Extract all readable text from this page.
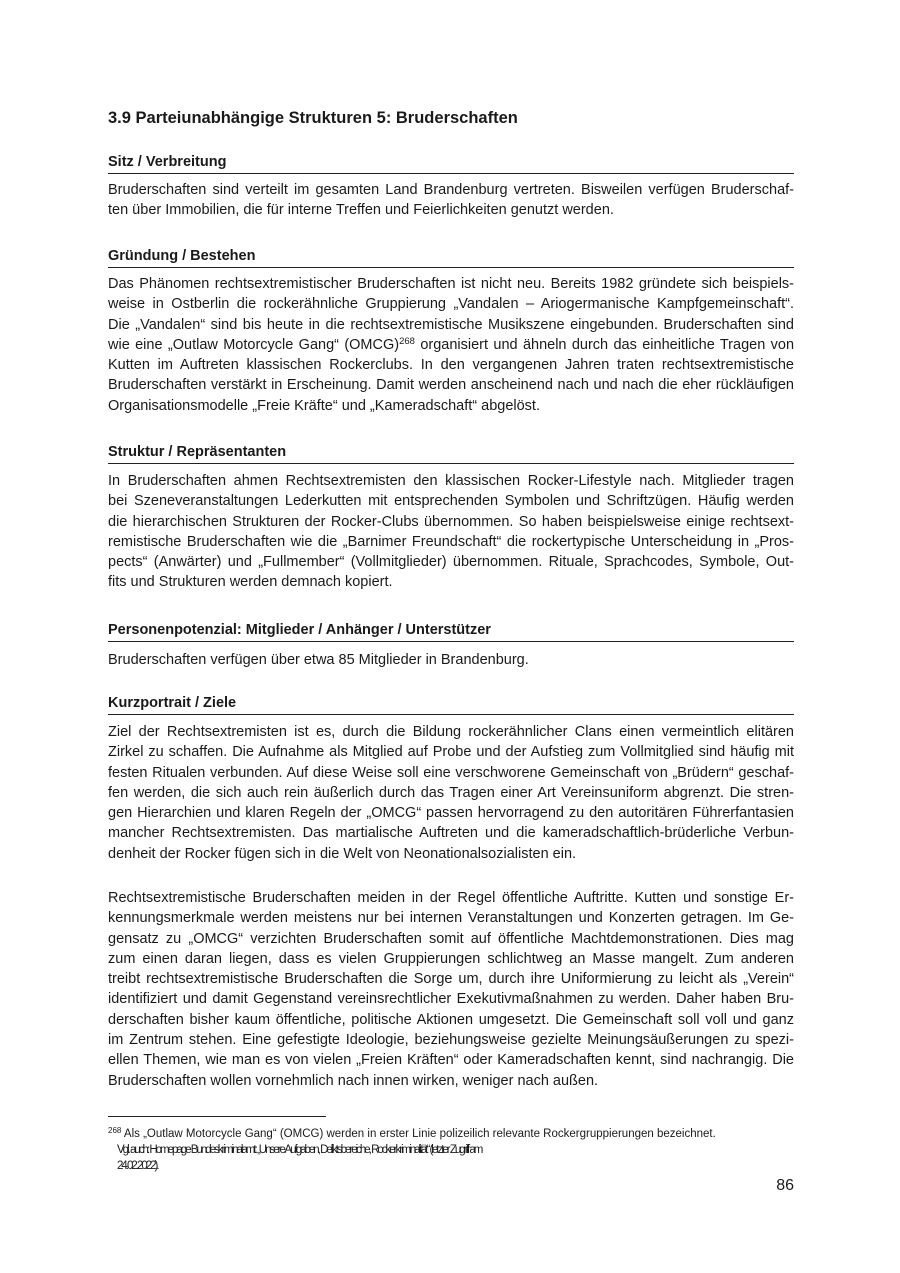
3.9 Parteiunabhängige Strukturen 5: Bruderschaften
Sitz / Verbreitung

Bruderschaften sind verteilt im gesamten Land Brandenburg vertreten. Bisweilen verfügen Bruderschaf-
ten über Immobilien, die für interne Treffen und Feierlichkeiten genutzt werden.

Gründung / Bestehen

Das Phänomen rechtsextremistischer Bruderschaften ist nicht neu. Bereits 1982 gründete sich beispiels-
weise in Ostberlin die rockerähnliche Gruppierung „Vandalen – Ariogermanische Kampfgemeinschaft“.
Die „Vandalen“ sind bis heute in die rechtsextremistische Musikszene eingebunden. Bruderschaften sind
wie eine „Outlaw Motorcycle Gang“ (OMCG)$^{268}$ organisiert und ähneln durch das einheitliche Tragen von
Kutten im Auftreten klassischen Rockerclubs. In den vergangenen Jahren traten rechtsextremistische
Bruderschaften verstärkt in Erscheinung. Damit werden anscheinend nach und nach die eher rückläufigen
Organisationsmodelle „Freie Kräfte“ und „Kameradschaft“ abgelöst.

Struktur / Repräsentanten

In Bruderschaften ahmen Rechtsextremisten den klassischen Rocker-Lifestyle nach. Mitglieder tragen
bei Szeneveranstaltungen Lederkutten mit entsprechenden Symbolen und Schriftzügen. Häufig werden
die hierarchischen Strukturen der Rocker-Clubs übernommen. So haben beispielsweise einige rechtsext-
remistische Bruderschaften wie die „Barnimer Freundschaft“ die rockertypische Unterscheidung in „Pros-
pects“ (Anwärter) und „Fullmember“ (Vollmitglieder) übernommen. Rituale, Sprachcodes, Symbole, Out-
fits und Strukturen werden demnach kopiert.

Personenpotenzial: Mitglieder / Anhänger / Unterstützer

Bruderschaften verfügen über etwa 85 Mitglieder in Brandenburg.

Kurzportrait / Ziele

Ziel der Rechtsextremisten ist es, durch die Bildung rockerähnlicher Clans einen vermeintlich elitären
Zirkel zu schaffen. Die Aufnahme als Mitglied auf Probe und der Aufstieg zum Vollmitglied sind häufig mit
festen Ritualen verbunden. Auf diese Weise soll eine verschworene Gemeinschaft von „Brüdern“ geschaf-
fen werden, die sich auch rein äußerlich durch das Tragen einer Art Vereinsuniform abgrenzt. Die stren-
gen Hierarchien und klaren Regeln der „OMCG“ passen hervorragend zu den autoritären Führerfantasien
mancher Rechtsextremisten. Das martialische Auftreten und die kameradschaftlich-brüderliche Verbun-
denheit der Rocker fügen sich in die Welt von Neonationalsozialisten ein.

Rechtsextremistische Bruderschaften meiden in der Regel öffentliche Auftritte. Kutten und sonstige Er-
kennungsmerkmale werden meistens nur bei internen Veranstaltungen und Konzerten getragen. Im Ge-
gensatz zu „OMCG“ verzichten Bruderschaften somit auf öffentliche Machtdemonstrationen. Dies mag
zum einen daran liegen, dass es vielen Gruppierungen schlichtweg an Masse mangelt. Zum anderen
treibt rechtsextremistische Bruderschaften die Sorge um, durch ihre Uniformierung zu leicht als „Verein“
identifiziert und damit Gegenstand vereinsrechtlicher Exekutivmaßnahmen zu werden. Daher haben Bru-
derschaften bisher kaum öffentliche, politische Aktionen umgesetzt. Die Gemeinschaft soll voll und ganz
im Zentrum stehen. Eine gefestigte Ideologie, beziehungsweise gezielte Meinungsäußerungen zu spezi-
ellen Themen, wie man es von vielen „Freien Kräften“ oder Kameradschaften kennt, sind nachrangig. Die
Bruderschaften wollen vornehmlich nach innen wirken, weniger nach außen.

$^{268}$ Als „Outlaw Motorcycle Gang“ (OMCG) werden in erster Linie polizeilich relevante Rockergruppierungen bezeichnet.
Vgl. auch: Homepage Bundeskriminalamt: „Unsere Aufgaben, Deliktsbereiche, Rockerkriminalität“ (letzter Zugriff am
24.02.2022).
86
